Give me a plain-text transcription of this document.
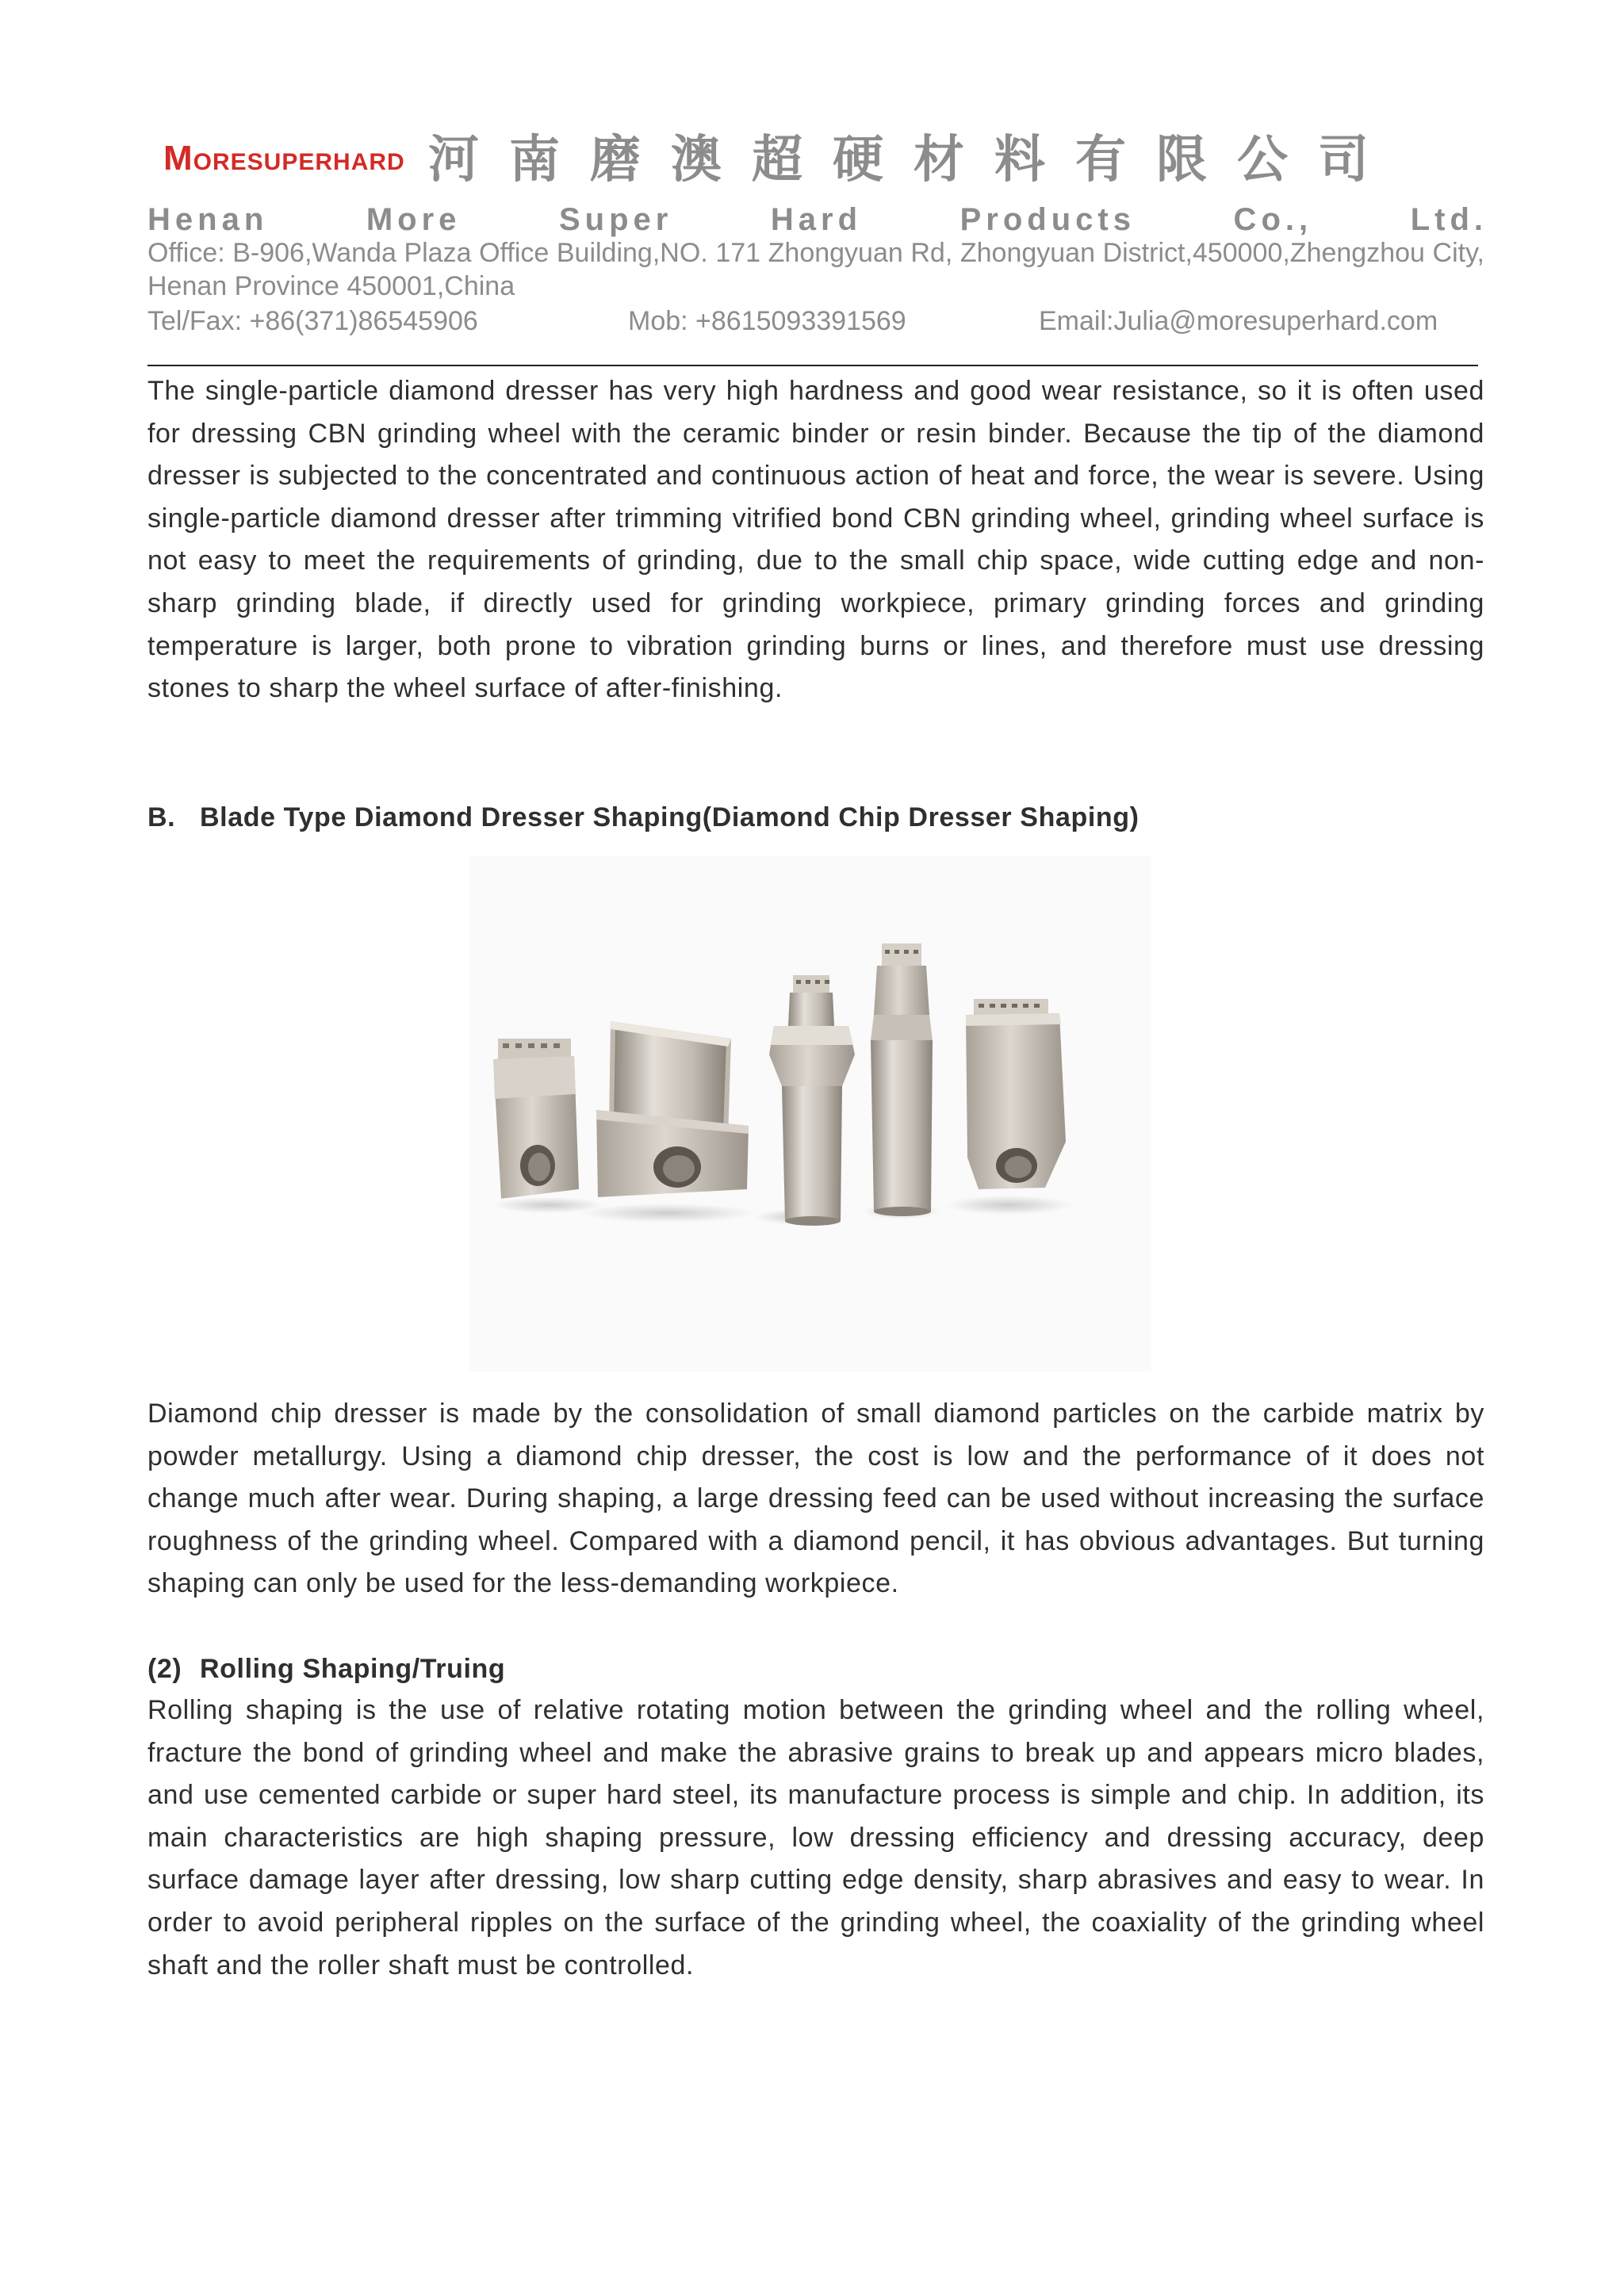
MORESUPERHARD 河南磨澳超硬材料有限公司
Henan More Super Hard Products Co., Ltd.
Office: B-906,Wanda Plaza Office Building,NO. 171 Zhongyuan Rd, Zhongyuan District,450000,Zhengzhou City, Henan Province 450001,China
Tel/Fax: +86(371)86545906	Mob: +8615093391569	Email:Julia@moresuperhard.com
The single-particle diamond dresser has very high hardness and good wear resistance, so it is often used for dressing CBN grinding wheel with the ceramic binder or resin binder. Because the tip of the diamond dresser is subjected to the concentrated and continuous action of heat and force, the wear is severe. Using single-particle diamond dresser after trimming vitrified bond CBN grinding wheel, grinding wheel surface is not easy to meet the requirements of grinding, due to the small chip space, wide cutting edge and non-sharp grinding blade, if directly used for grinding workpiece, primary grinding forces and grinding temperature is larger, both prone to vibration grinding burns or lines, and therefore must use dressing stones to sharp the wheel surface of after-finishing.
B. Blade Type Diamond Dresser Shaping(Diamond Chip Dresser Shaping)
Diamond chip dresser is made by the consolidation of small diamond particles on the carbide matrix by powder metallurgy. Using a diamond chip dresser, the cost is low and the performance of it does not change much after wear. During shaping, a large dressing feed can be used without increasing the surface roughness of the grinding wheel. Compared with a diamond pencil, it has obvious advantages. But turning shaping can only be used for the less-demanding workpiece.
(2) Rolling Shaping/Truing
Rolling shaping is the use of relative rotating motion between the grinding wheel and the rolling wheel, fracture the bond of grinding wheel and make the abrasive grains to break up and appears micro blades, and use cemented carbide or super hard steel, its manufacture process is simple and chip. In addition, its main characteristics are high shaping pressure, low dressing efficiency and dressing accuracy, deep surface damage layer after dressing, low sharp cutting edge density, sharp abrasives and easy to wear. In order to avoid peripheral ripples on the surface of the grinding wheel, the coaxiality of the grinding wheel shaft and the roller shaft must be controlled.
